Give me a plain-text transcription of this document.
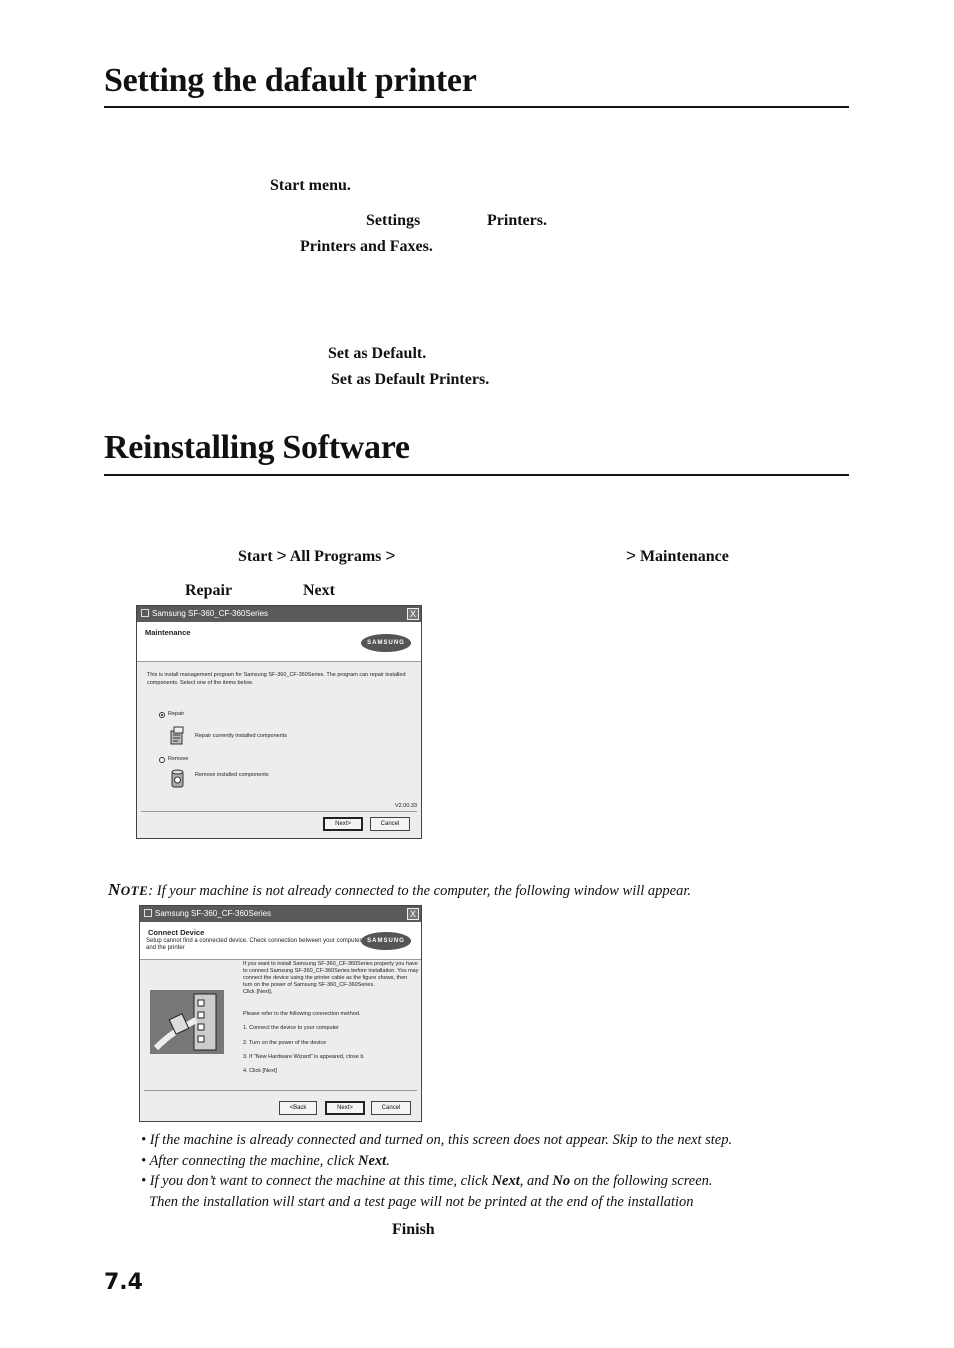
Setting the dafault printer
Start menu.
Settings	Printers.
Printers and Faxes.
Set as Default.
Set as Default Printers.
Reinstalling Software
Start > All Programs >	> Maintenance
Repair	Next
Samsung SF-360_CF-360Series	X
Maintenance
SAMSUNG
This is install management program for Samsung SF-360_CF-360Series. The program can repair installed
components. Select one of the items below.
Repair
Repair currently installed components
Remove
Remove installed components
V2.00.33
Next>	Cancel
NOTE: If your machine is not already connected to the computer, the following window will appear.
Samsung SF-360_CF-360Series	X
Connect Device
Setup cannot find a connected device. Check connection between your computer and the printer
SAMSUNG
If you want to install Samsung SF-360_CF-360Series properly you have
to connect Samsung SF-360_CF-360Series before installation. You may
connect the device using the printer cable as the figure shows, then
turn on the power of Samsung SF-360_CF-360Series.
Click [Next].
Please refer to the following connection method.
1. Connect the device to your computer
2. Turn on the power of the device
3. If "New Hardware Wizard" is appeared, close it.
4. Click [Next]
<Back	Next>	Cancel
• If the machine is already connected and turned on, this screen does not appear. Skip to the next step.
• After connecting the machine, click Next.
• If you don’t want to connect the machine at this time, click Next, and No on the following screen.
Then the installation will start and a test page will not be printed at the end of the installation
Finish
7.4
